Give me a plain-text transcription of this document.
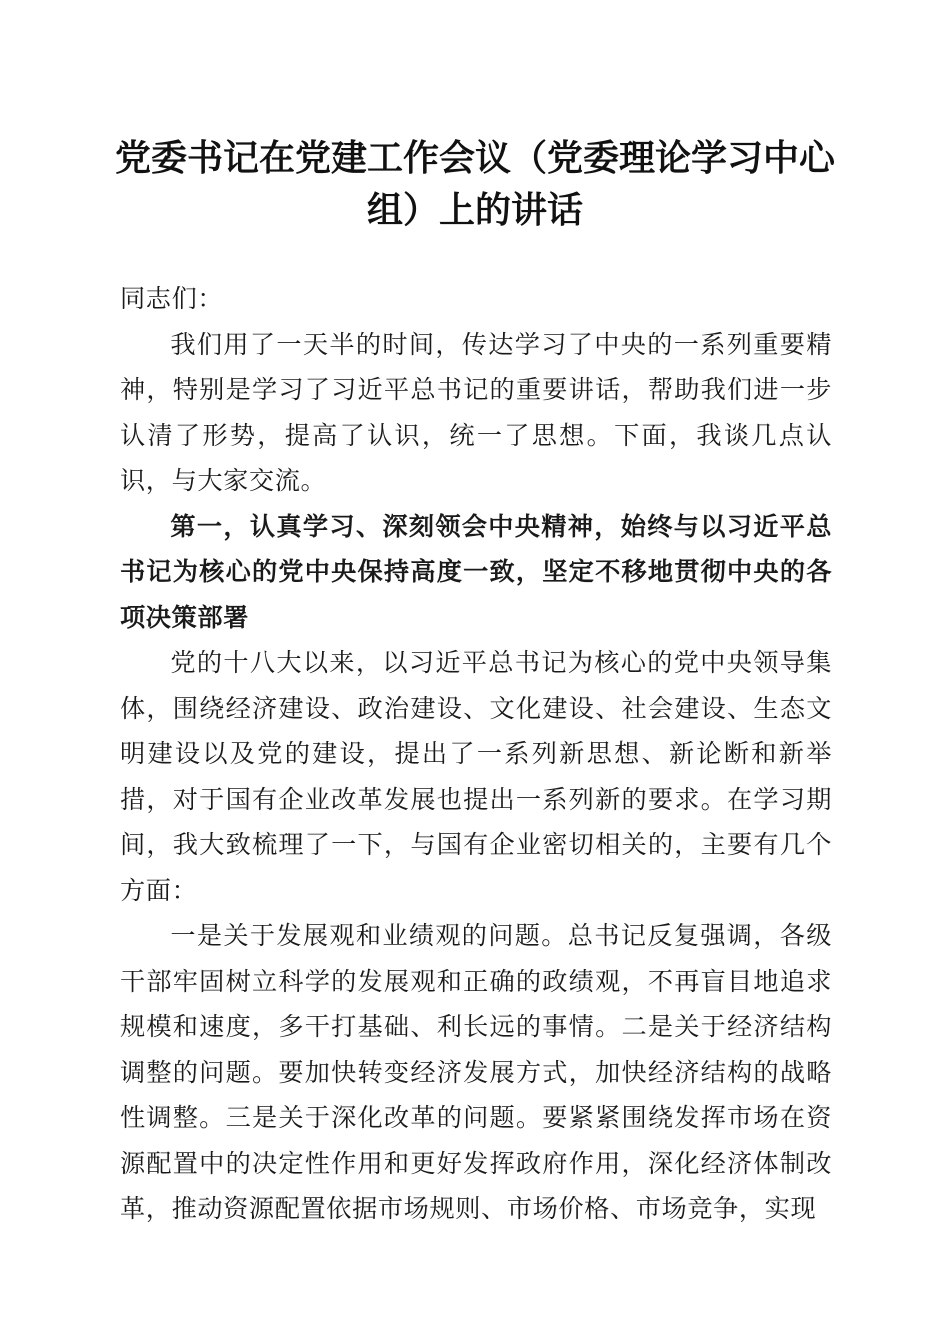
党委书记在党建工作会议（党委理论学习中心组）上的讲话

同志们：

我们用了一天半的时间，传达学习了中央的一系列重要精神，特别是学习了习近平总书记的重要讲话，帮助我们进一步认清了形势，提高了认识，统一了思想。下面，我谈几点认识，与大家交流。

第一，认真学习、深刻领会中央精神，始终与以习近平总书记为核心的党中央保持高度一致，坚定不移地贯彻中央的各项决策部署

党的十八大以来，以习近平总书记为核心的党中央领导集体，围绕经济建设、政治建设、文化建设、社会建设、生态文明建设以及党的建设，提出了一系列新思想、新论断和新举措，对于国有企业改革发展也提出一系列新的要求。在学习期间，我大致梳理了一下，与国有企业密切相关的，主要有几个方面：

一是关于发展观和业绩观的问题。总书记反复强调，各级干部牢固树立科学的发展观和正确的政绩观，不再盲目地追求规模和速度，多干打基础、利长远的事情。二是关于经济结构调整的问题。要加快转变经济发展方式，加快经济结构的战略性调整。三是关于深化改革的问题。要紧紧围绕发挥市场在资源配置中的决定性作用和更好发挥政府作用，深化经济体制改革，推动资源配置依据市场规则、市场价格、市场竞争，实现
